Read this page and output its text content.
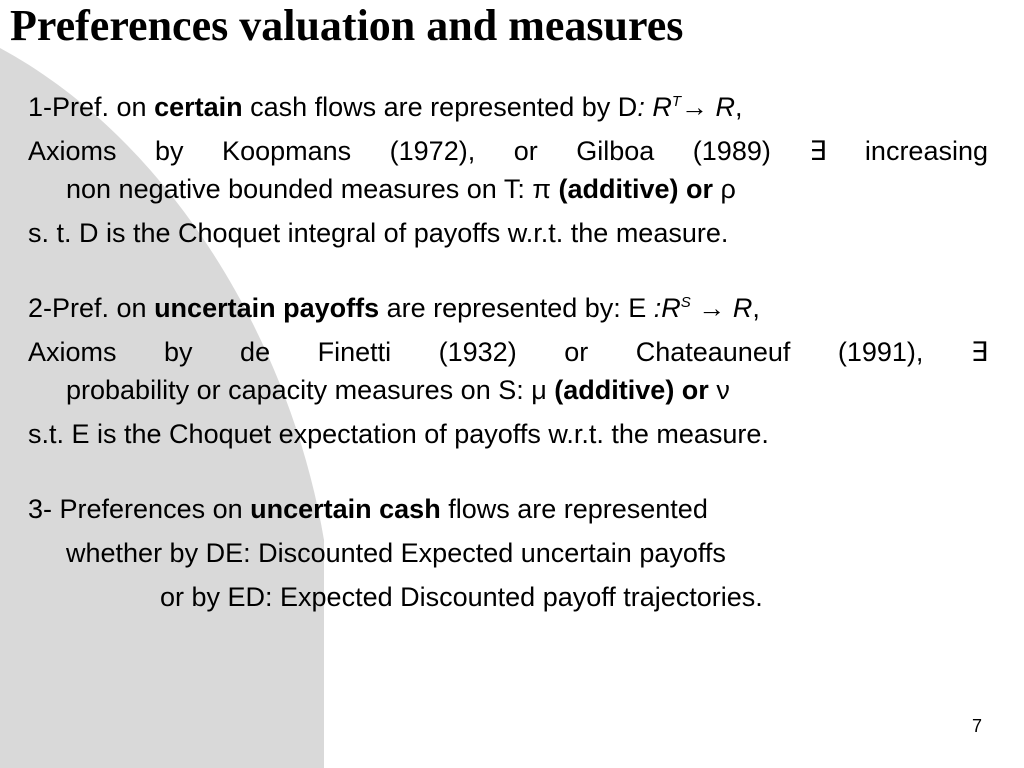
Preferences valuation and measures

1-Pref. on certain cash flows are represented by D: $R^T\to R$,

Axioms by Koopmans (1972), or Gilboa (1989) ∃ increasing

non negative bounded measures on T: π (additive) or ρ

s. t. D is the Choquet integral of payoffs w.r.t. the measure.

2-Pref. on uncertain payoffs are represented by: E $:R^S \to R$,

Axioms by de Finetti (1932) or Chateauneuf (1991), ∃

probability or capacity measures on S: μ (additive) or ν

s.t. E is the Choquet expectation of payoffs w.r.t. the measure.

3- Preferences on uncertain cash flows are represented

whether by DE: Discounted Expected uncertain payoffs

or by ED: Expected Discounted payoff trajectories.

7
